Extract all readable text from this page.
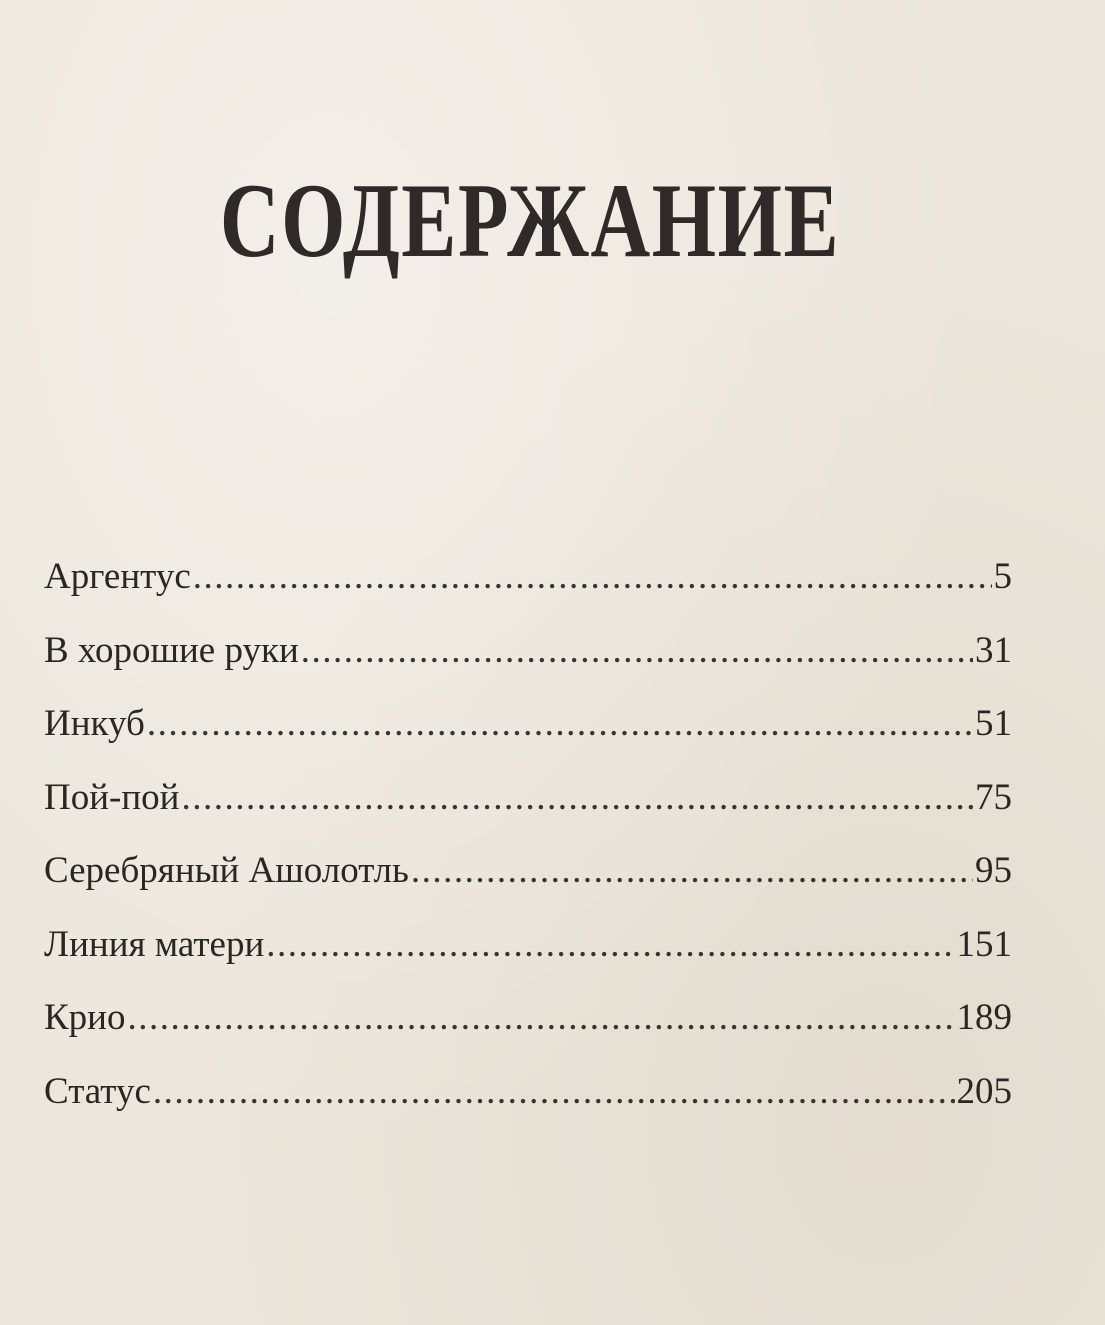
СОДЕРЖАНИЕ
Аргентус .....	5
В хорошие руки .....	31
Инкуб .....	51
Пой-пой .....	75
Серебряный Ашолотль .....	95
Линия матери .....	151
Крио .....	189
Статус .....	205
